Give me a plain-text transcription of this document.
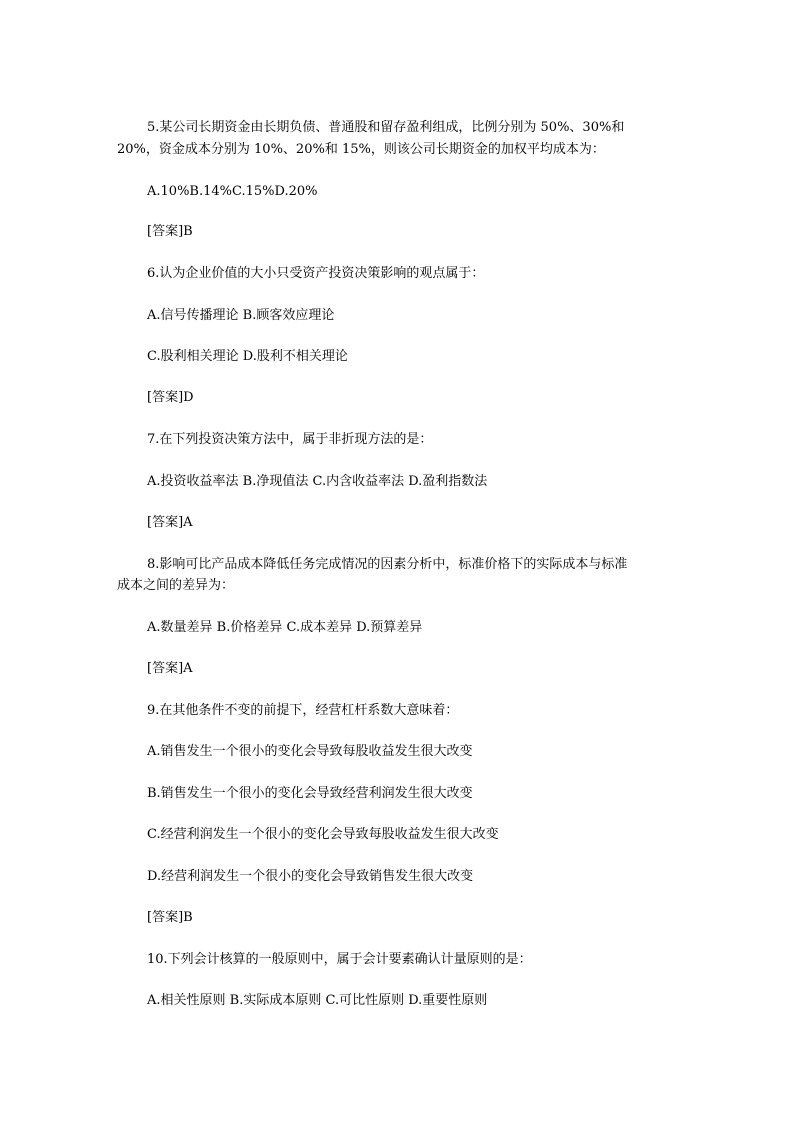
5.某公司长期资金由长期负债、普通股和留存盈利组成，比例分别为 50%、30%和
20%，资金成本分别为 10%、20%和 15%，则该公司长期资金的加权平均成本为：
A.10%B.14%C.15%D.20%
[答案]B
6.认为企业价值的大小只受资产投资决策影响的观点属于：
A.信号传播理论 B.顾客效应理论
C.股利相关理论 D.股利不相关理论
[答案]D
7.在下列投资决策方法中，属于非折现方法的是：
A.投资收益率法 B.净现值法 C.内含收益率法 D.盈利指数法
[答案]A
8.影响可比产品成本降低任务完成情况的因素分析中，标准价格下的实际成本与标准
成本之间的差异为：
A.数量差异 B.价格差异 C.成本差异 D.预算差异
[答案]A
9.在其他条件不变的前提下，经营杠杆系数大意味着：
A.销售发生一个很小的变化会导致每股收益发生很大改变
B.销售发生一个很小的变化会导致经营利润发生很大改变
C.经营利润发生一个很小的变化会导致每股收益发生很大改变
D.经营利润发生一个很小的变化会导致销售发生很大改变
[答案]B
10.下列会计核算的一般原则中，属于会计要素确认计量原则的是：
A.相关性原则 B.实际成本原则 C.可比性原则 D.重要性原则
